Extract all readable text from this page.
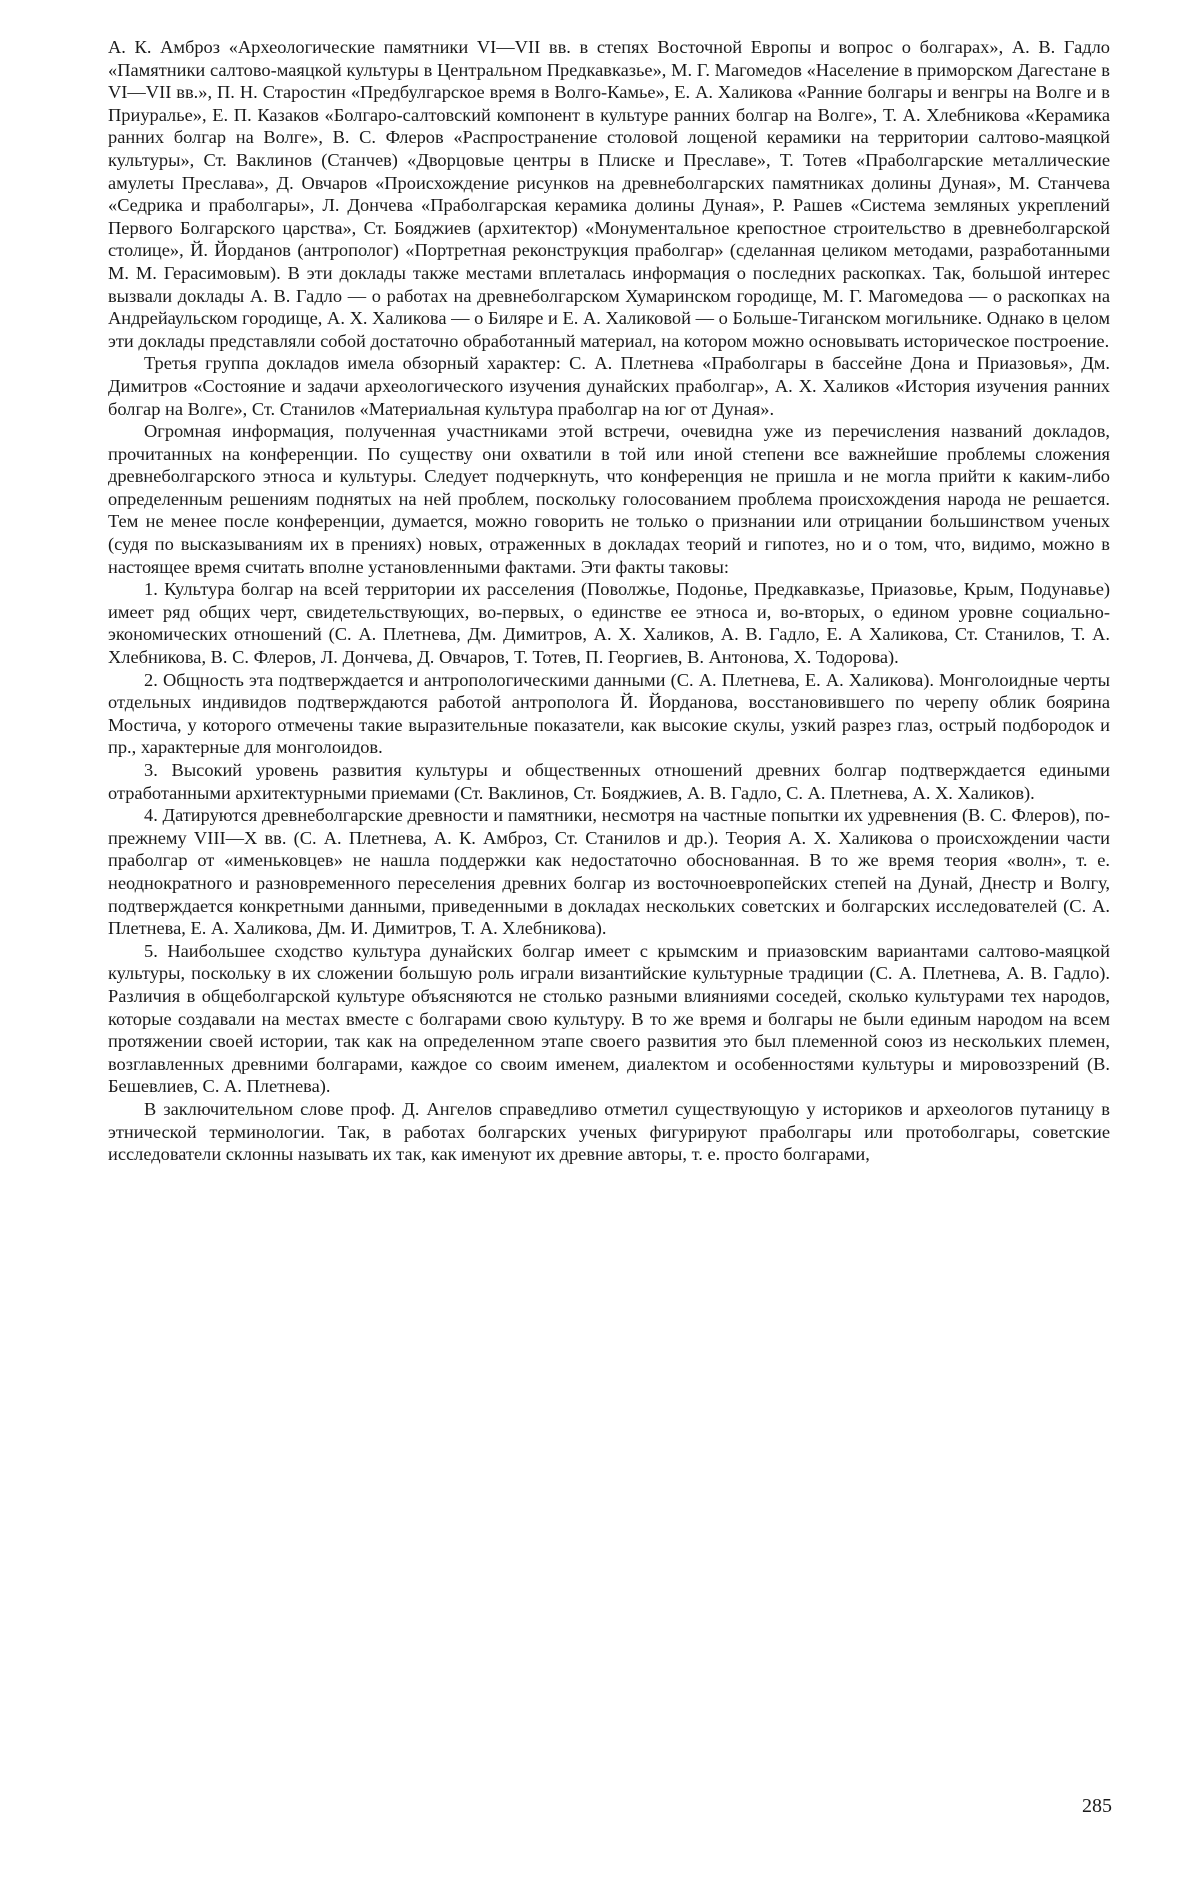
А. К. Амброз «Археологические памятники VI—VII вв. в степях Восточной Европы и вопрос о болгарах», А. В. Гадло «Памятники салтово-маяцкой культуры в Центральном Предкавказье», М. Г. Магомедов «Население в приморском Дагестане в VI—VII вв.», П. Н. Старостин «Предбулгарское время в Волго-Камье», Е. А. Халикова «Ранние болгары и венгры на Волге и в Приуралье», Е. П. Казаков «Болгаро-салтовский компонент в культуре ранних болгар на Волге», Т. А. Хлебникова «Керамика ранних болгар на Волге», В. С. Флеров «Распространение столовой лощеной керамики на территории салтово-маяцкой культуры», Ст. Ваклинов (Станчев) «Дворцовые центры в Плиске и Преславе», Т. Тотев «Праболгарские металлические амулеты Преслава», Д. Овчаров «Происхождение рисунков на древнеболгарских памятниках долины Дуная», М. Станчева «Седрика и праболгары», Л. Дончева «Праболгарская керамика долины Дуная», Р. Рашев «Система земляных укреплений Первого Болгарского царства», Ст. Бояджиев (архитектор) «Монументальное крепостное строительство в древнеболгарской столице», Й. Йорданов (антрополог) «Портретная реконструкция праболгар» (сделанная целиком методами, разработанными М. М. Герасимовым). В эти доклады также местами вплеталась информация о последних раскопках. Так, большой интерес вызвали доклады А. В. Гадло — о работах на древнеболгарском Хумаринском городище, М. Г. Магомедова — о раскопках на Андрейаульском городище, А. Х. Халикова — о Биляре и Е. А. Халиковой — о Больше-Тиганском могильнике. Однако в целом эти доклады представляли собой достаточно обработанный материал, на котором можно основывать историческое построение.

Третья группа докладов имела обзорный характер: С. А. Плетнева «Праболгары в бассейне Дона и Приазовья», Дм. Димитров «Состояние и задачи археологического изучения дунайских праболгар», А. Х. Халиков «История изучения ранних болгар на Волге», Ст. Станилов «Материальная культура праболгар на юг от Дуная».

Огромная информация, полученная участниками этой встречи, очевидна уже из перечисления названий докладов, прочитанных на конференции. По существу они охватили в той или иной степени все важнейшие проблемы сложения древнеболгарского этноса и культуры. Следует подчеркнуть, что конференция не пришла и не могла прийти к каким-либо определенным решениям поднятых на ней проблем, поскольку голосованием проблема происхождения народа не решается. Тем не менее после конференции, думается, можно говорить не только о признании или отрицании большинством ученых (судя по высказываниям их в прениях) новых, отраженных в докладах теорий и гипотез, но и о том, что, видимо, можно в настоящее время считать вполне установленными фактами. Эти факты таковы:

1. Культура болгар на всей территории их расселения (Поволжье, Подонье, Предкавказье, Приазовье, Крым, Подунавье) имеет ряд общих черт, свидетельствующих, во-первых, о единстве ее этноса и, во-вторых, о едином уровне социально-экономических отношений (С. А. Плетнева, Дм. Димитров, А. Х. Халиков, А. В. Гадло, Е. А Халикова, Ст. Станилов, Т. А. Хлебникова, В. С. Флеров, Л. Дончева, Д. Овчаров, Т. Тотев, П. Георгиев, В. Антонова, Х. Тодорова).

2. Общность эта подтверждается и антропологическими данными (С. А. Плетнева, Е. А. Халикова). Монголоидные черты отдельных индивидов подтверждаются работой антрополога Й. Йорданова, восстановившего по черепу облик боярина Мостича, у которого отмечены такие выразительные показатели, как высокие скулы, узкий разрез глаз, острый подбородок и пр., характерные для монголоидов.

3. Высокий уровень развития культуры и общественных отношений древних болгар подтверждается едиными отработанными архитектурными приемами (Ст. Ваклинов, Ст. Бояджиев, А. В. Гадло, С. А. Плетнева, А. Х. Халиков).

4. Датируются древнеболгарские древности и памятники, несмотря на частные попытки их удревнения (В. С. Флеров), по-прежнему VIII—X вв. (С. А. Плетнева, А. К. Амброз, Ст. Станилов и др.). Теория А. Х. Халикова о происхождении части праболгар от «именьковцев» не нашла поддержки как недостаточно обоснованная. В то же время теория «волн», т. е. неоднократного и разновременного переселения древних болгар из восточноевропейских степей на Дунай, Днестр и Волгу, подтверждается конкретными данными, приведенными в докладах нескольких советских и болгарских исследователей (С. А. Плетнева, Е. А. Халикова, Дм. И. Димитров, Т. А. Хлебникова).

5. Наибольшее сходство культура дунайских болгар имеет с крымским и приазовским вариантами салтово-маяцкой культуры, поскольку в их сложении большую роль играли византийские культурные традиции (С. А. Плетнева, А. В. Гадло). Различия в общеболгарской культуре объясняются не столько разными влияниями соседей, сколько культурами тех народов, которые создавали на местах вместе с болгарами свою культуру. В то же время и болгары не были единым народом на всем протяжении своей истории, так как на определенном этапе своего развития это был племенной союз из нескольких племен, возглавленных древними болгарами, каждое со своим именем, диалектом и особенностями культуры и мировоззрений (В. Бешевлиев, С. А. Плетнева).

В заключительном слове проф. Д. Ангелов справедливо отметил существующую у историков и археологов путаницу в этнической терминологии. Так, в работах болгарских ученых фигурируют праболгары или протоболгары, советские исследователи склонны называть их так, как именуют их древние авторы, т. е. просто болгарами,

285
